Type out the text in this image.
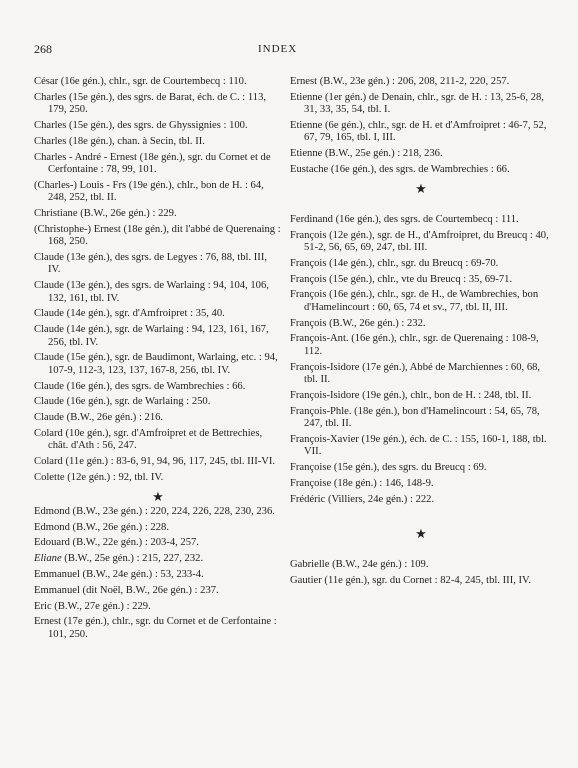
268	INDEX

César (16e gén.), chlr., sgr. de Courtembecq : 110.

Charles (15e gén.), des sgrs. de Barat, éch. de C. : 113, 179, 250.

Charles (15e gén.), des sgrs. de Ghyssignies : 100.

Charles (18e gén.), chan. à Secin, tbl. II.

Charles - André - Ernest (18e gén.), sgr. du Cornet et de Cerfontaine : 78, 99, 101.

(Charles-) Louis - Frs (19e gén.), chlr., bon de H. : 64, 248, 252, tbl. II.

Christiane (B.W., 26e gén.) : 229.

(Christophe-) Ernest (18e gén.), dit l'abbé de Querenaing : 168, 250.

Claude (13e gén.), des sgrs. de Legyes : 76, 88, tbl. III, IV.

Claude (13e gén.), des sgrs. de Warlaing : 94, 104, 106, 132, 161, tbl. IV.

Claude (14e gén.), sgr. d'Amfroipret : 35, 40.

Claude (14e gén.), sgr. de Warlaing : 94, 123, 161, 167, 256, tbl. IV.

Claude (15e gén.), sgr. de Baudimont, Warlaing, etc. : 94, 107-9, 112-3, 123, 137, 167-8, 256, tbl. IV.

Claude (16e gén.), des sgrs. de Wambrechies : 66.

Claude (16e gén.), sgr. de Warlaing : 250.

Claude (B.W., 26e gén.) : 216.

Colard (10e gén.), sgr. d'Amfroipret et de Bettrechies, chât. d'Ath : 56, 247.

Colard (11e gén.) : 83-6, 91, 94, 96, 117, 245, tbl. III-VI.

Colette (12e gén.) : 92, tbl. IV.

★

Edmond (B.W., 23e gén.) : 220, 224, 226, 228, 230, 236.

Edmond (B.W., 26e gén.) : 228.

Edouard (B.W., 22e gén.) : 203-4, 257.

Eliane (B.W., 25e gén.) : 215, 227, 232.

Emmanuel (B.W., 24e gén.) : 53, 233-4.

Emmanuel (dit Noël, B.W., 26e gén.) : 237.

Eric (B.W., 27e gén.) : 229.

Ernest (17e gén.), chlr., sgr. du Cornet et de Cerfontaine : 101, 250.

Ernest (B.W., 23e gén.) : 206, 208, 211-2, 220, 257.

Etienne (1er gén.) de Denain, chlr., sgr. de H. : 13, 25-6, 28, 31, 33, 35, 54, tbl. I.

Etienne (6e gén.), chlr., sgr. de H. et d'Amfroipret : 46-7, 52, 67, 79, 165, tbl. I, III.

Etienne (B.W., 25e gén.) : 218, 236.

Eustache (16e gén.), des sgrs. de Wambrechies : 66.

★

Ferdinand (16e gén.), des sgrs. de Courtembecq : 111.

François (12e gén.), sgr. de H., d'Amfroipret, du Breucq : 40, 51-2, 56, 65, 69, 247, tbl. III.

François (14e gén.), chlr., sgr. du Breucq : 69-70.

François (15e gén.), chlr., vte du Breucq : 35, 69-71.

François (16e gén.), chlr., sgr. de H., de Wambrechies, bon d'Hamelincourt : 60, 65, 74 et sv., 77, tbl. II, III.

François (B.W., 26e gén.) : 232.

François-Ant. (16e gén.), chlr., sgr. de Querenaing : 108-9, 112.

François-Isidore (17e gén.), Abbé de Marchiennes : 60, 68, tbl. II.

François-Isidore (19e gén.), chlr., bon de H. : 248, tbl. II.

François-Phle. (18e gén.), bon d'Hamelincourt : 54, 65, 78, 247, tbl. II.

François-Xavier (19e gén.), éch. de C. : 155, 160-1, 188, tbl. VII.

Françoise (15e gén.), des sgrs. du Breucq : 69.

Françoise (18e gén.) : 146, 148-9.

Frédéric (Villiers, 24e gén.) : 222.

★

Gabrielle (B.W., 24e gén.) : 109.

Gautier (11e gén.), sgr. du Cornet : 82-4, 245, tbl. III, IV.
